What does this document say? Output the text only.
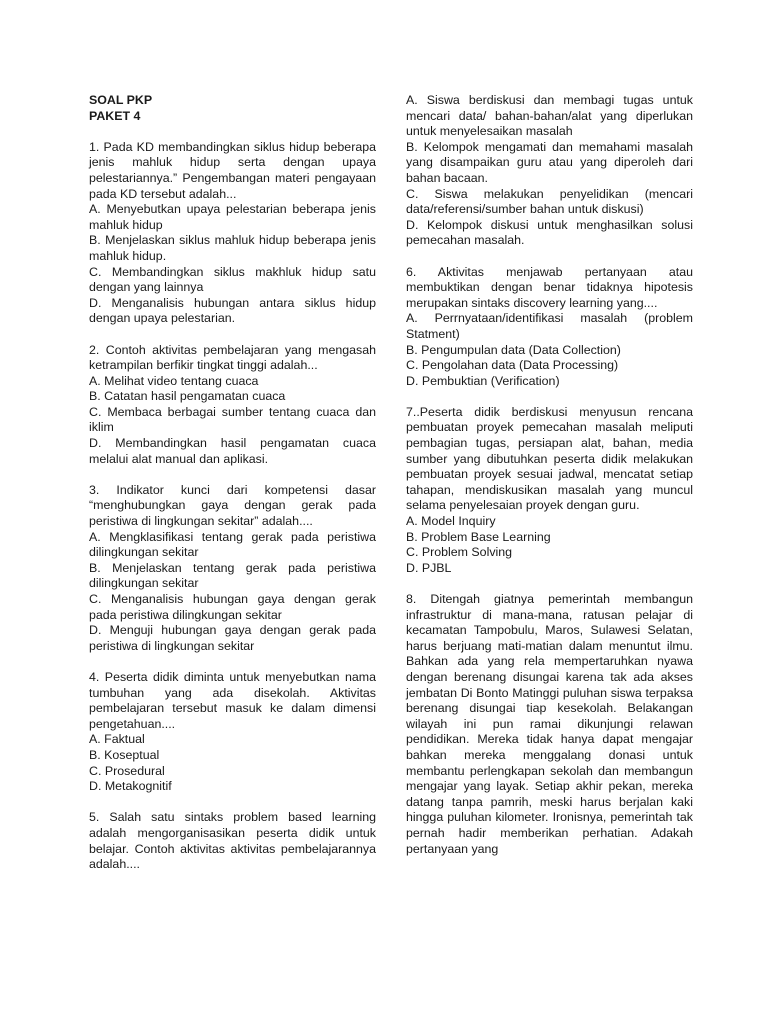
SOAL PKP

PAKET 4

1. Pada KD membandingkan siklus hidup beberapa jenis mahluk hidup serta dengan upaya pelestariannya.” Pengembangan materi pengayaan pada KD tersebut adalah...

A. Menyebutkan upaya pelestarian beberapa jenis mahluk hidup

B. Menjelaskan siklus mahluk hidup beberapa jenis mahluk hidup.

C. Membandingkan siklus makhluk hidup satu dengan yang lainnya

D. Menganalisis hubungan antara siklus hidup dengan upaya pelestarian.

2. Contoh aktivitas pembelajaran yang mengasah ketrampilan berfikir tingkat tinggi adalah...

A. Melihat video tentang cuaca

B. Catatan hasil pengamatan cuaca

C. Membaca berbagai sumber tentang cuaca dan iklim

D. Membandingkan hasil pengamatan cuaca melalui alat manual dan aplikasi.

3. Indikator kunci dari kompetensi dasar “menghubungkan gaya dengan gerak pada peristiwa di lingkungan sekitar” adalah....

A. Mengklasifikasi tentang gerak pada peristiwa dilingkungan sekitar

B. Menjelaskan tentang gerak pada peristiwa dilingkungan sekitar

C. Menganalisis hubungan gaya dengan gerak pada peristiwa dilingkungan sekitar

D. Menguji hubungan gaya dengan gerak pada peristiwa di lingkungan sekitar

4. Peserta didik diminta untuk menyebutkan nama tumbuhan yang ada disekolah. Aktivitas pembelajaran tersebut masuk ke dalam dimensi pengetahuan....

A. Faktual

B. Koseptual

C. Prosedural

D. Metakognitif

5. Salah satu sintaks problem based learning adalah mengorganisasikan peserta didik untuk belajar. Contoh aktivitas aktivitas pembelajarannya adalah....

A. Siswa berdiskusi dan membagi tugas untuk mencari data/ bahan-bahan/alat yang diperlukan untuk menyelesaikan masalah

B. Kelompok mengamati dan memahami masalah yang disampaikan guru atau yang diperoleh dari bahan bacaan.

C. Siswa melakukan penyelidikan (mencari data/referensi/sumber bahan untuk diskusi)

D. Kelompok diskusi untuk menghasilkan solusi pemecahan masalah.

6. Aktivitas menjawab pertanyaan atau membuktikan dengan benar tidaknya hipotesis merupakan sintaks discovery learning yang....

A. Perrnyataan/identifikasi masalah (problem Statment)

B. Pengumpulan data (Data Collection)

C. Pengolahan data (Data Processing)

D. Pembuktian (Verification)

7..Peserta didik berdiskusi menyusun rencana pembuatan proyek pemecahan masalah meliputi pembagian tugas, persiapan alat, bahan, media sumber yang dibutuhkan peserta didik melakukan pembuatan proyek sesuai jadwal, mencatat setiap tahapan, mendiskusikan masalah yang muncul selama penyelesaian proyek dengan guru.

A. Model Inquiry

B. Problem Base Learning

C. Problem Solving

D. PJBL

8. Ditengah giatnya pemerintah membangun infrastruktur di mana-mana, ratusan pelajar di kecamatan Tampobulu, Maros, Sulawesi Selatan, harus berjuang mati-matian dalam menuntut ilmu. Bahkan ada yang rela mempertaruhkan nyawa dengan berenang disungai karena tak ada akses jembatan Di Bonto Matinggi puluhan siswa terpaksa berenang disungai tiap kesekolah. Belakangan wilayah ini pun ramai dikunjungi relawan pendidikan. Mereka tidak hanya dapat mengajar bahkan mereka menggalang donasi untuk membantu perlengkapan sekolah dan membangun mengajar yang layak. Setiap akhir pekan, mereka datang tanpa pamrih, meski harus berjalan kaki hingga puluhan kilometer. Ironisnya, pemerintah tak pernah hadir memberikan perhatian. Adakah pertanyaan yang
